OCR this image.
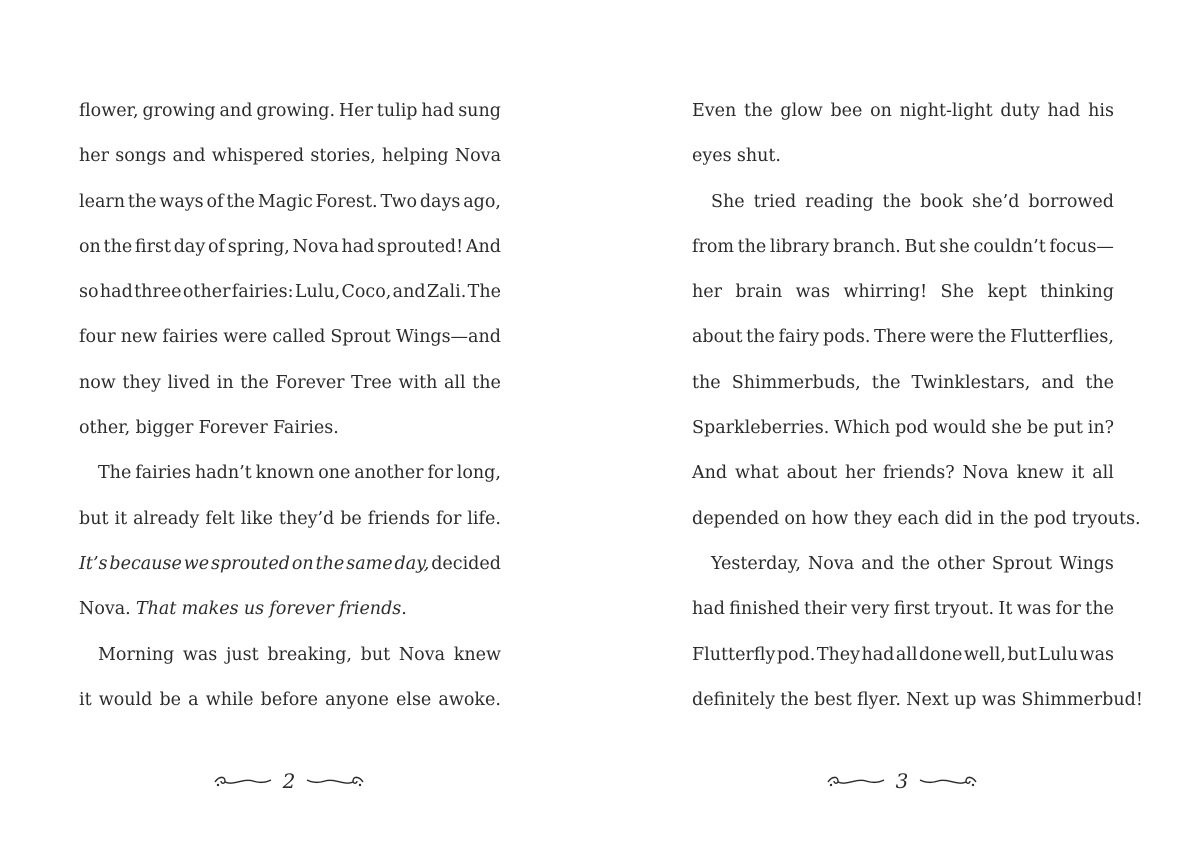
flower, growing and growing. Her tulip had sung
her songs and whispered stories, helping Nova
learn the ways of the Magic Forest. Two days ago,
on the first day of spring, Nova had sprouted! And
so had three other fairies: Lulu, Coco, and Zali. The
four new fairies were called Sprout Wings—and
now they lived in the Forever Tree with all the
other, bigger Forever Fairies.
The fairies hadn’t known one another for long,
but it already felt like they’d be friends for life.
It’s because we sprouted on the same day, decided
Nova. That makes us forever friends.
Morning was just breaking, but Nova knew
it would be a while before anyone else awoke.
Even the glow bee on night-light duty had his
eyes shut.
She tried reading the book she’d borrowed
from the library branch. But she couldn’t focus—
her brain was whirring! She kept thinking
about the fairy pods. There were the Flutterflies,
the Shimmerbuds, the Twinklestars, and the
Sparkleberries. Which pod would she be put in?
And what about her friends? Nova knew it all
depended on how they each did in the pod tryouts.
Yesterday, Nova and the other Sprout Wings
had finished their very first tryout. It was for the
Flutterfly pod. They had all done well, but Lulu was
definitely the best flyer. Next up was Shimmerbud!
2	3
